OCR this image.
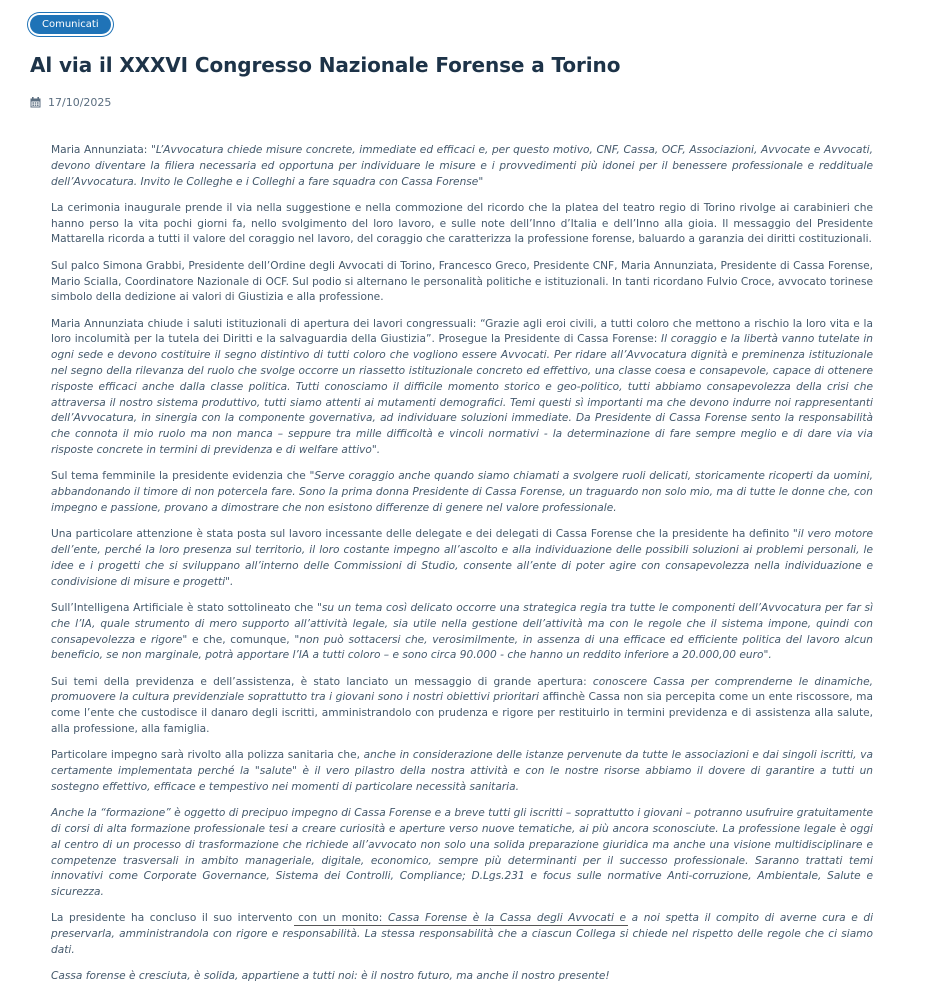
Comunicati
Al via il XXXVI Congresso Nazionale Forense a Torino
17/10/2025

Maria Annunziata: "L’Avvocatura chiede misure concrete, immediate ed efficaci e, per questo motivo, CNF, Cassa, OCF, Associazioni, Avvocate e Avvocati, devono diventare la filiera necessaria ed opportuna per individuare le misure e i provvedimenti più idonei per il benessere professionale e reddituale dell’Avvocatura. Invito le Colleghe e i Colleghi a fare squadra con Cassa Forense"

La cerimonia inaugurale prende il via nella suggestione e nella commozione del ricordo che la platea del teatro regio di Torino rivolge ai carabinieri che hanno perso la vita pochi giorni fa, nello svolgimento del loro lavoro, e sulle note dell’Inno d’Italia e dell’Inno alla gioia. Il messaggio del Presidente Mattarella ricorda a tutti il valore del coraggio nel lavoro, del coraggio che caratterizza la professione forense, baluardo a garanzia dei diritti costituzionali.

Sul palco Simona Grabbi, Presidente dell’Ordine degli Avvocati di Torino, Francesco Greco, Presidente CNF, Maria Annunziata, Presidente di Cassa Forense, Mario Scialla, Coordinatore Nazionale di OCF. Sul podio si alternano le personalità politiche e istituzionali. In tanti ricordano Fulvio Croce, avvocato torinese simbolo della dedizione ai valori di Giustizia e alla professione.

Maria Annunziata chiude i saluti istituzionali di apertura dei lavori congressuali: “Grazie agli eroi civili, a tutti coloro che mettono a rischio la loro vita e la loro incolumità per la tutela dei Diritti e la salvaguardia della Giustizia”. Prosegue la Presidente di Cassa Forense: Il coraggio e la libertà vanno tutelate in ogni sede e devono costituire il segno distintivo di tutti coloro che vogliono essere Avvocati. Per ridare all’Avvocatura dignità e preminenza istituzionale nel segno della rilevanza del ruolo che svolge occorre un riassetto istituzionale concreto ed effettivo, una classe coesa e consapevole, capace di ottenere risposte efficaci anche dalla classe politica. Tutti conosciamo il difficile momento storico e geo-politico, tutti abbiamo consapevolezza della crisi che attraversa il nostro sistema produttivo, tutti siamo attenti ai mutamenti demografici. Temi questi sì importanti ma che devono indurre noi rappresentanti dell’Avvocatura, in sinergia con la componente governativa, ad individuare soluzioni immediate. Da Presidente di Cassa Forense sento la responsabilità che connota il mio ruolo ma non manca – seppure tra mille difficoltà e vincoli normativi - la determinazione di fare sempre meglio e di dare via via risposte concrete in termini di previdenza e di welfare attivo".

Sul tema femminile la presidente evidenzia che "Serve coraggio anche quando siamo chiamati a svolgere ruoli delicati, storicamente ricoperti da uomini, abbandonando il timore di non potercela fare. Sono la prima donna Presidente di Cassa Forense, un traguardo non solo mio, ma di tutte le donne che, con impegno e passione, provano a dimostrare che non esistono differenze di genere nel valore professionale.

Una particolare attenzione è stata posta sul lavoro incessante delle delegate e dei delegati di Cassa Forense che la presidente ha definito "il vero motore dell’ente, perché la loro presenza sul territorio, il loro costante impegno all’ascolto e alla individuazione delle possibili soluzioni ai problemi personali, le idee e i progetti che si sviluppano all’interno delle Commissioni di Studio, consente all’ente di poter agire con consapevolezza nella individuazione e condivisione di misure e progetti".

Sull’Intelligena Artificiale è stato sottolineato che "su un tema così delicato occorre una strategica regia tra tutte le componenti dell’Avvocatura per far sì che l’IA, quale strumento di mero supporto all’attività legale, sia utile nella gestione dell’attività ma con le regole che il sistema impone, quindi con consapevolezza e rigore" e che, comunque, "non può sottacersi che, verosimilmente, in assenza di una efficace ed efficiente politica del lavoro alcun beneficio, se non marginale, potrà apportare l’IA a tutti coloro – e sono circa 90.000 - che hanno un reddito inferiore a 20.000,00 euro".

Sui temi della previdenza e dell’assistenza, è stato lanciato un messaggio di grande apertura: conoscere Cassa per comprenderne le dinamiche, promuovere la cultura previdenziale soprattutto tra i giovani sono i nostri obiettivi prioritari affinchè Cassa non sia percepita come un ente riscossore, ma come l’ente che custodisce il danaro degli iscritti, amministrandolo con prudenza e rigore per restituirlo in termini previdenza e di assistenza alla salute, alla professione, alla famiglia.

Particolare impegno sarà rivolto alla polizza sanitaria che, anche in considerazione delle istanze pervenute da tutte le associazioni e dai singoli iscritti, va certamente implementata perché la "salute" è il vero pilastro della nostra attività e con le nostre risorse abbiamo il dovere di garantire a tutti un sostegno effettivo, efficace e tempestivo nei momenti di particolare necessità sanitaria.

Anche la “formazione” è oggetto di precipuo impegno di Cassa Forense e a breve tutti gli iscritti – soprattutto i giovani – potranno usufruire gratuitamente di corsi di alta formazione professionale tesi a creare curiosità e aperture verso nuove tematiche, ai più ancora sconosciute. La professione legale è oggi al centro di un processo di trasformazione che richiede all’avvocato non solo una solida preparazione giuridica ma anche una visione multidisciplinare e competenze trasversali in ambito manageriale, digitale, economico, sempre più determinanti per il successo professionale. Saranno trattati temi innovativi come Corporate Governance, Sistema dei Controlli, Compliance; D.Lgs.231 e focus sulle normative Anti-corruzione, Ambientale, Salute e sicurezza.

La presidente ha concluso il suo intervento con un monito: Cassa Forense è la Cassa degli Avvocati e a noi spetta il compito di averne cura e di preservarla, amministrandola con rigore e responsabilità. La stessa responsabilità che a ciascun Collega si chiede nel rispetto delle regole che ci siamo dati.

Cassa forense è cresciuta, è solida, appartiene a tutti noi: è il nostro futuro, ma anche il nostro presente!
